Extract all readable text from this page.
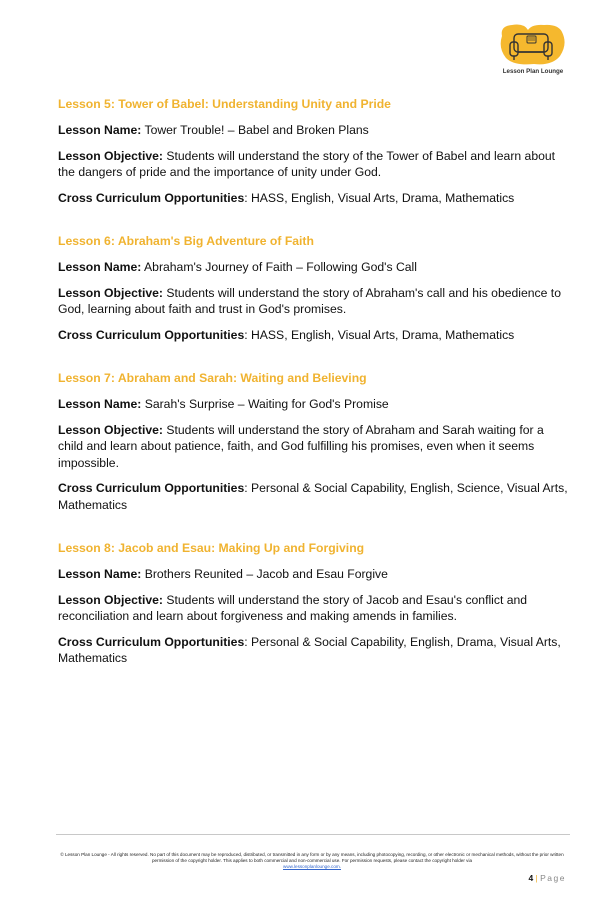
Lesson Plan Lounge
Lesson 5: Tower of Babel: Understanding Unity and Pride
Lesson Name: Tower Trouble! – Babel and Broken Plans
Lesson Objective: Students will understand the story of the Tower of Babel and learn about the dangers of pride and the importance of unity under God.
Cross Curriculum Opportunities: HASS, English, Visual Arts, Drama, Mathematics
Lesson 6: Abraham's Big Adventure of Faith
Lesson Name: Abraham's Journey of Faith – Following God's Call
Lesson Objective: Students will understand the story of Abraham's call and his obedience to God, learning about faith and trust in God's promises.
Cross Curriculum Opportunities: HASS, English, Visual Arts, Drama, Mathematics
Lesson 7: Abraham and Sarah: Waiting and Believing
Lesson Name: Sarah's Surprise – Waiting for God's Promise
Lesson Objective: Students will understand the story of Abraham and Sarah waiting for a child and learn about patience, faith, and God fulfilling his promises, even when it seems impossible.
Cross Curriculum Opportunities: Personal & Social Capability, English, Science, Visual Arts, Mathematics
Lesson 8: Jacob and Esau: Making Up and Forgiving
Lesson Name: Brothers Reunited – Jacob and Esau Forgive
Lesson Objective: Students will understand the story of Jacob and Esau's conflict and reconciliation and learn about forgiveness and making amends in families.
Cross Curriculum Opportunities: Personal & Social Capability, English, Drama, Visual Arts, Mathematics
© Lesson Plan Lounge - All rights reserved. No part of this document may be reproduced, distributed, or transmitted in any form or by any means, including photocopying, recording, or other electronic or mechanical methods, without the prior written permission of the copyright holder. This applies to both commercial and non-commercial use. For permission requests, please contact the copyright holder via
www.lessonplanlounge.com.
4 | Page
